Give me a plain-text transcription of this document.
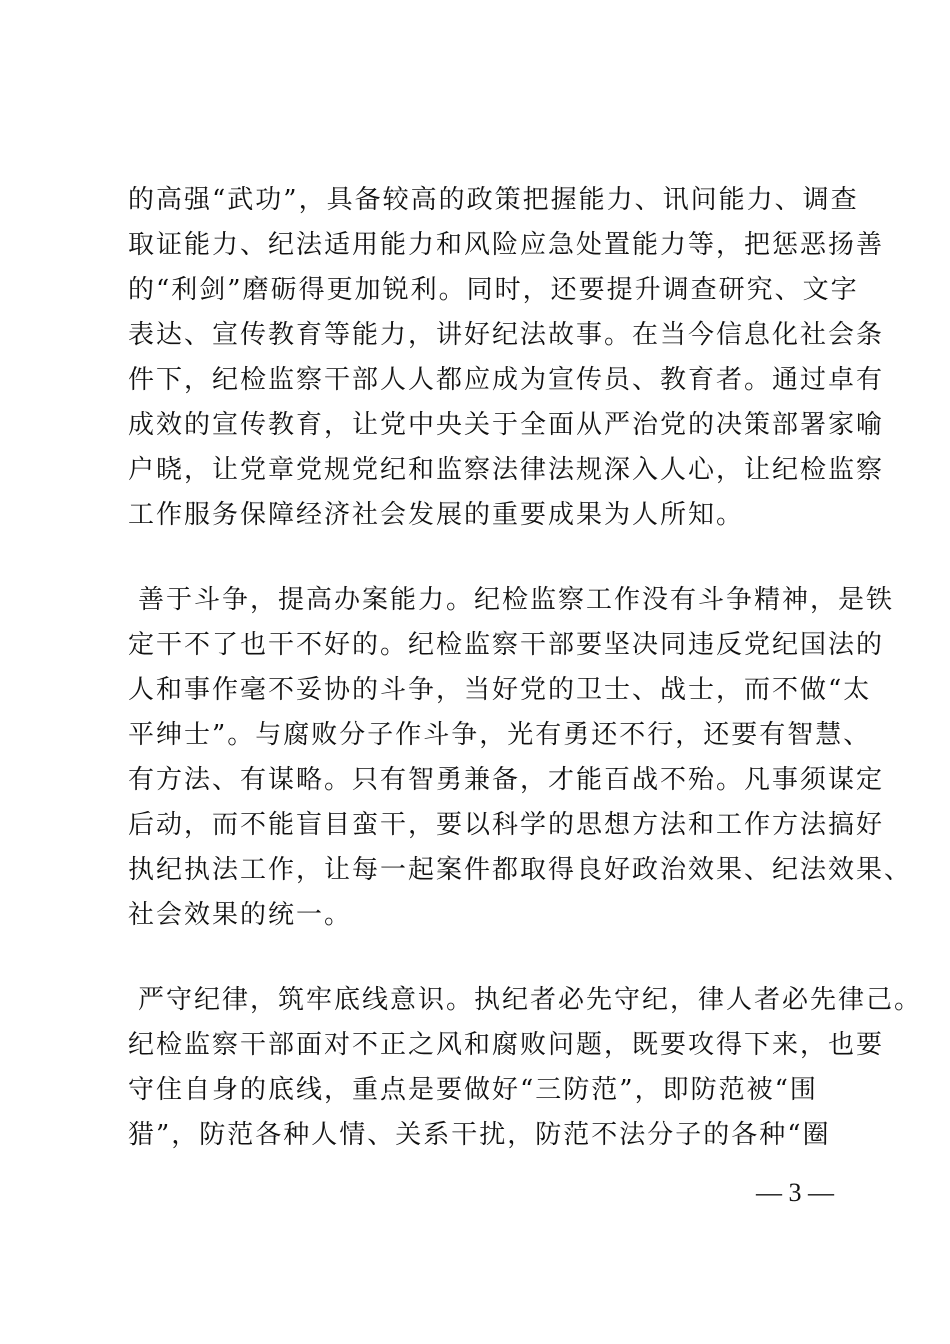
的高强“武功”，具备较高的政策把握能力、讯问能力、调查
取证能力、纪法适用能力和风险应急处置能力等，把惩恶扬善
的“利剑”磨砺得更加锐利。同时，还要提升调查研究、文字
表达、宣传教育等能力，讲好纪法故事。在当今信息化社会条
件下，纪检监察干部人人都应成为宣传员、教育者。通过卓有
成效的宣传教育，让党中央关于全面从严治党的决策部署家喻
户晓，让党章党规党纪和监察法律法规深入人心，让纪检监察
工作服务保障经济社会发展的重要成果为人所知。
善于斗争，提高办案能力。纪检监察工作没有斗争精神，是铁
定干不了也干不好的。纪检监察干部要坚决同违反党纪国法的
人和事作毫不妥协的斗争，当好党的卫士、战士，而不做“太
平绅士”。与腐败分子作斗争，光有勇还不行，还要有智慧、
有方法、有谋略。只有智勇兼备，才能百战不殆。凡事须谋定
后动，而不能盲目蛮干，要以科学的思想方法和工作方法搞好
执纪执法工作，让每一起案件都取得良好政治效果、纪法效果、
社会效果的统一。
严守纪律，筑牢底线意识。执纪者必先守纪，律人者必先律己。
纪检监察干部面对不正之风和腐败问题，既要攻得下来，也要
守住自身的底线，重点是要做好“三防范”，即防范被“围
猎”，防范各种人情、关系干扰，防范不法分子的各种“圈
— 3 —
